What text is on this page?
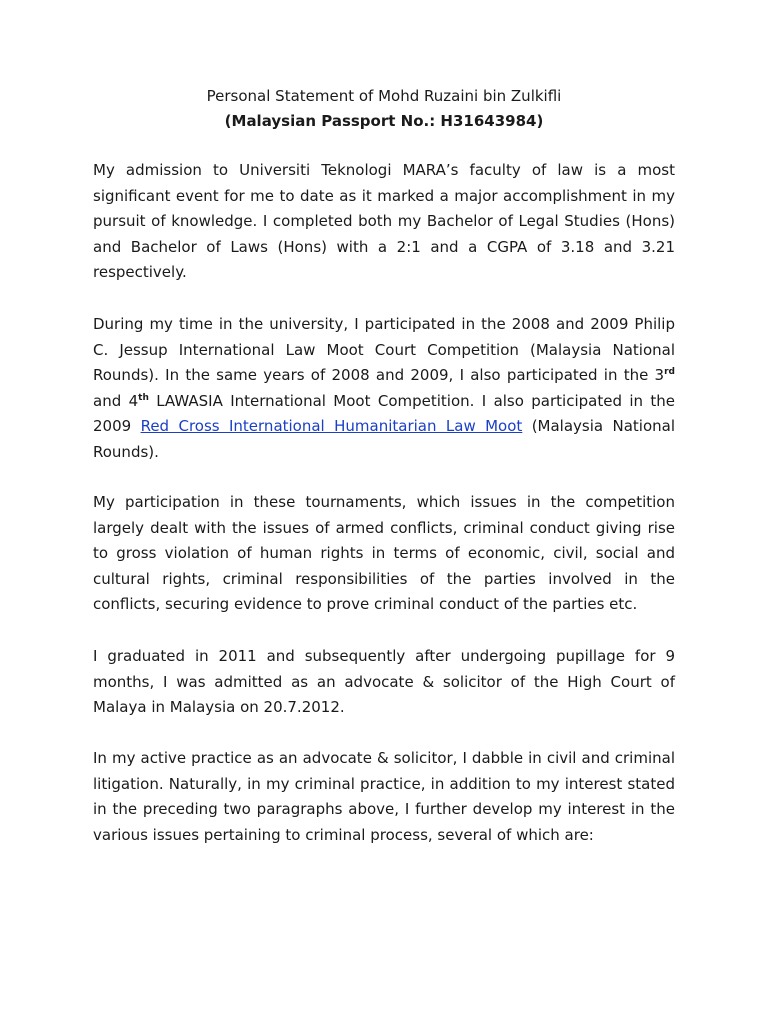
Personal Statement of Mohd Ruzaini bin Zulkifli
(Malaysian Passport No.: H31643984)
My admission to Universiti Teknologi MARA’s faculty of law is a most significant event for me to date as it marked a major accomplishment in my pursuit of knowledge. I completed both my Bachelor of Legal Studies (Hons) and Bachelor of Laws (Hons) with a 2:1 and a CGPA of 3.18 and 3.21 respectively.
During my time in the university, I participated in the 2008 and 2009 Philip C. Jessup International Law Moot Court Competition (Malaysia National Rounds). In the same years of 2008 and 2009, I also participated in the 3rd and 4th LAWASIA International Moot Competition. I also participated in the 2009 Red Cross International Humanitarian Law Moot (Malaysia National Rounds).
My participation in these tournaments, which issues in the competition largely dealt with the issues of armed conflicts, criminal conduct giving rise to gross violation of human rights in terms of economic, civil, social and cultural rights, criminal responsibilities of the parties involved in the conflicts, securing evidence to prove criminal conduct of the parties etc.
I graduated in 2011 and subsequently after undergoing pupillage for 9 months, I was admitted as an advocate & solicitor of the High Court of Malaya in Malaysia on 20.7.2012.
In my active practice as an advocate & solicitor, I dabble in civil and criminal litigation. Naturally, in my criminal practice, in addition to my interest stated in the preceding two paragraphs above, I further develop my interest in the various issues pertaining to criminal process, several of which are:
